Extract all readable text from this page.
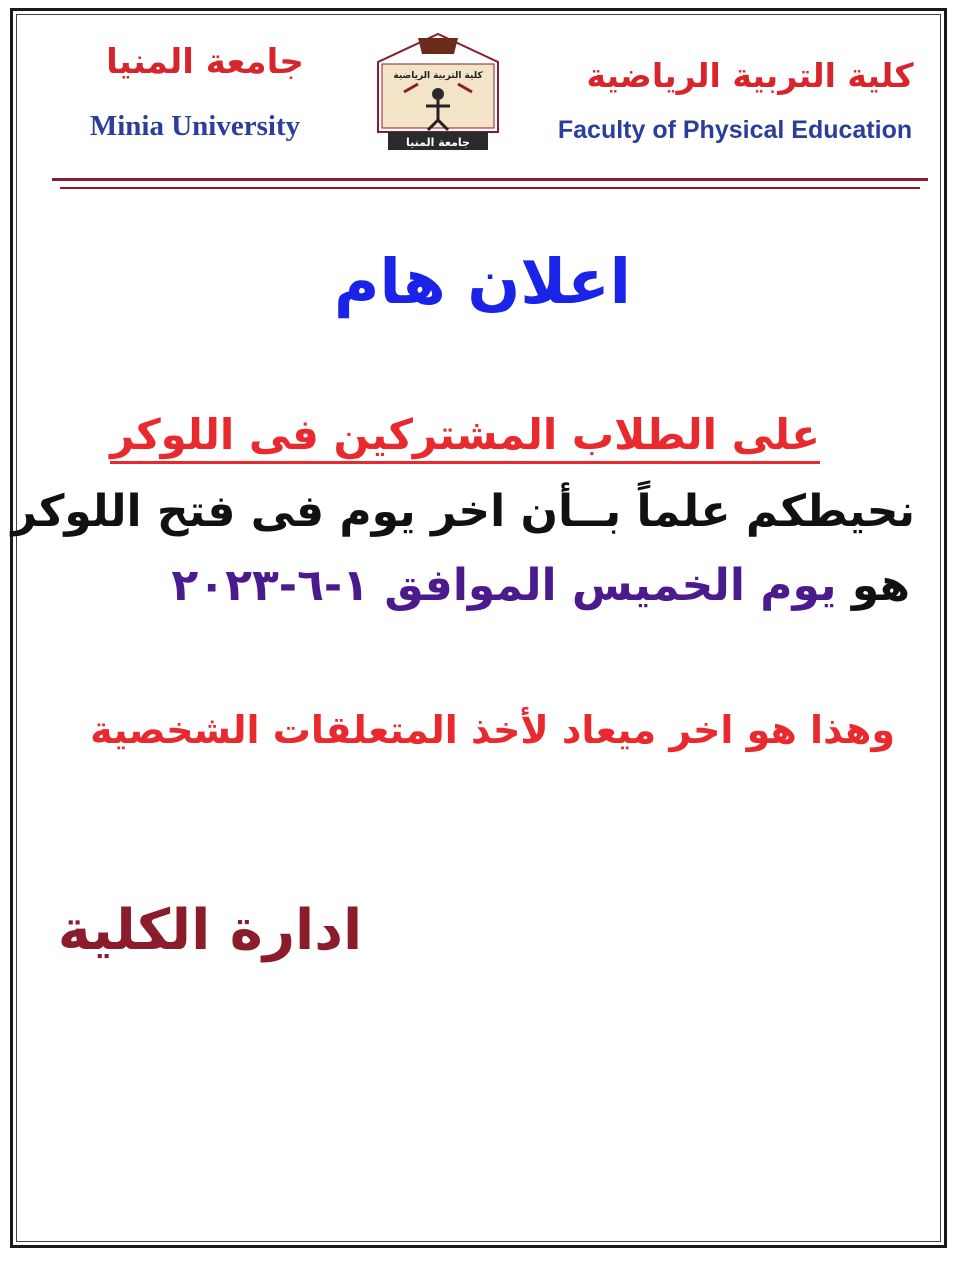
جامعة المنيا
Minia University
كلية التربية الرياضية
جامعة المنيا
كلية التربية الرياضية
Faculty of Physical Education
اعلان هام
على الطلاب المشتركين فى اللوكر
نحيطكم علماً بــأن اخر يوم فى فتح اللوكر
هو يوم الخميس الموافق ١-٦-٢٠٢٣
وهذا هو اخر ميعاد لأخذ المتعلقات الشخصية
ادارة الكلية
